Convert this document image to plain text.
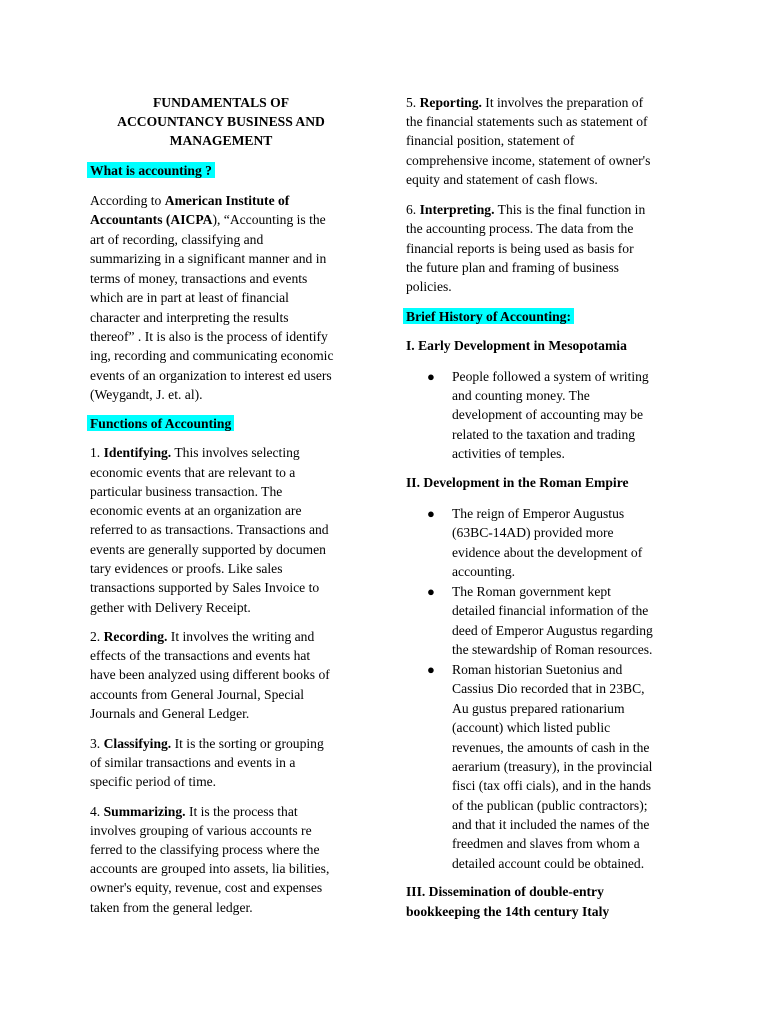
FUNDAMENTALS OF
ACCOUNTANCY BUSINESS AND
MANAGEMENT
What is accounting ?
According to American Institute of
Accountants (AICPA), “Accounting is the
art of recording, classifying and
summarizing in a significant manner and in
terms of money, transactions and events
which are in part at least of financial
character and interpreting the results
thereof” . It is also is the process of identify
ing, recording and communicating economic
events of an organization to interest ed users
(Weygandt, J. et. al).
Functions of Accounting
1. Identifying. This involves selecting
economic events that are relevant to a
particular business transaction. The
economic events at an organization are
referred to as transactions. Transactions and
events are generally supported by documen
tary evidences or proofs. Like sales
transactions supported by Sales Invoice to
gether with Delivery Receipt.
2. Recording. It involves the writing and
effects of the transactions and events hat
have been analyzed using different books of
accounts from General Journal, Special
Journals and General Ledger.
3. Classifying. It is the sorting or grouping
of similar transactions and events in a
specific period of time.
4. Summarizing. It is the process that
involves grouping of various accounts re
ferred to the classifying process where the
accounts are grouped into assets, lia bilities,
owner's equity, revenue, cost and expenses
taken from the general ledger.
5. Reporting. It involves the preparation of
the financial statements such as statement of
financial position, statement of
comprehensive income, statement of owner's
equity and statement of cash flows.
6. Interpreting. This is the final function in
the accounting process. The data from the
financial reports is being used as basis for
the future plan and framing of business
policies.
Brief History of Accounting:
I. Early Development in Mesopotamia
● People followed a system of writing
and counting money. The
development of accounting may be
related to the taxation and trading
activities of temples.
II. Development in the Roman Empire
● The reign of Emperor Augustus
(63BC-14AD) provided more
evidence about the development of
accounting.
● The Roman government kept
detailed financial information of the
deed of Emperor Augustus regarding
the stewardship of Roman resources.
● Roman historian Suetonius and
Cassius Dio recorded that in 23BC,
Au gustus prepared rationarium
(account) which listed public
revenues, the amounts of cash in the
aerarium (treasury), in the provincial
fisci (tax offi cials), and in the hands
of the publican (public contractors);
and that it included the names of the
freedmen and slaves from whom a
detailed account could be obtained.
III. Dissemination of double-entry
bookkeeping the 14th century Italy
